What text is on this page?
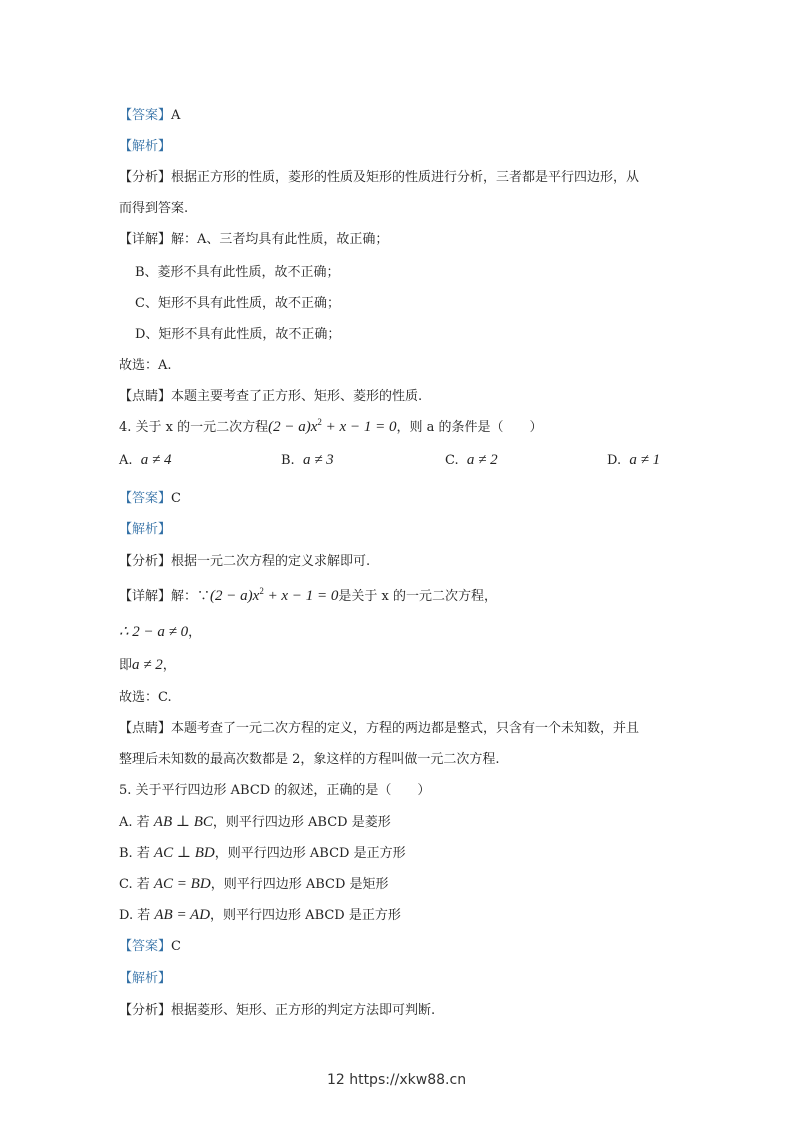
【答案】A
【解析】
【分析】根据正方形的性质，菱形的性质及矩形的性质进行分析，三者都是平行四边形，从
而得到答案.
【详解】解：A、三者均具有此性质，故正确；
B、菱形不具有此性质，故不正确；
C、矩形不具有此性质，故不正确；
D、矩形不具有此性质，故不正确；
故选：A.
【点睛】本题主要考查了正方形、矩形、菱形的性质.
4. 关于 x 的一元二次方程$(2 - a)x^2 + x - 1 = 0$，则 a 的条件是（　　）
A. a ≠ 4	B. a ≠ 3	C. a ≠ 2	D. a ≠ 1
【答案】C
【解析】
【分析】根据一元二次方程的定义求解即可.
【详解】解：∵(2 − $a)x^2 + x - 1 = 0$是关于 x 的一元二次方程，
∴ 2 − a ≠ 0，
即a ≠ 2，
故选：C.
【点睛】本题考查了一元二次方程的定义，方程的两边都是整式，只含有一个未知数，并且
整理后未知数的最高次数都是 2，象这样的方程叫做一元二次方程.
5. 关于平行四边形 ABCD 的叙述，正确的是（　　）
A. 若 AB ⊥ BC，则平行四边形 ABCD 是菱形
B. 若 AC ⊥ BD，则平行四边形 ABCD 是正方形
C. 若 AC = BD，则平行四边形 ABCD 是矩形
D. 若 AB = AD，则平行四边形 ABCD 是正方形
【答案】C
【解析】
【分析】根据菱形、矩形、正方形的判定方法即可判断.
12 https://xkw88.cn
